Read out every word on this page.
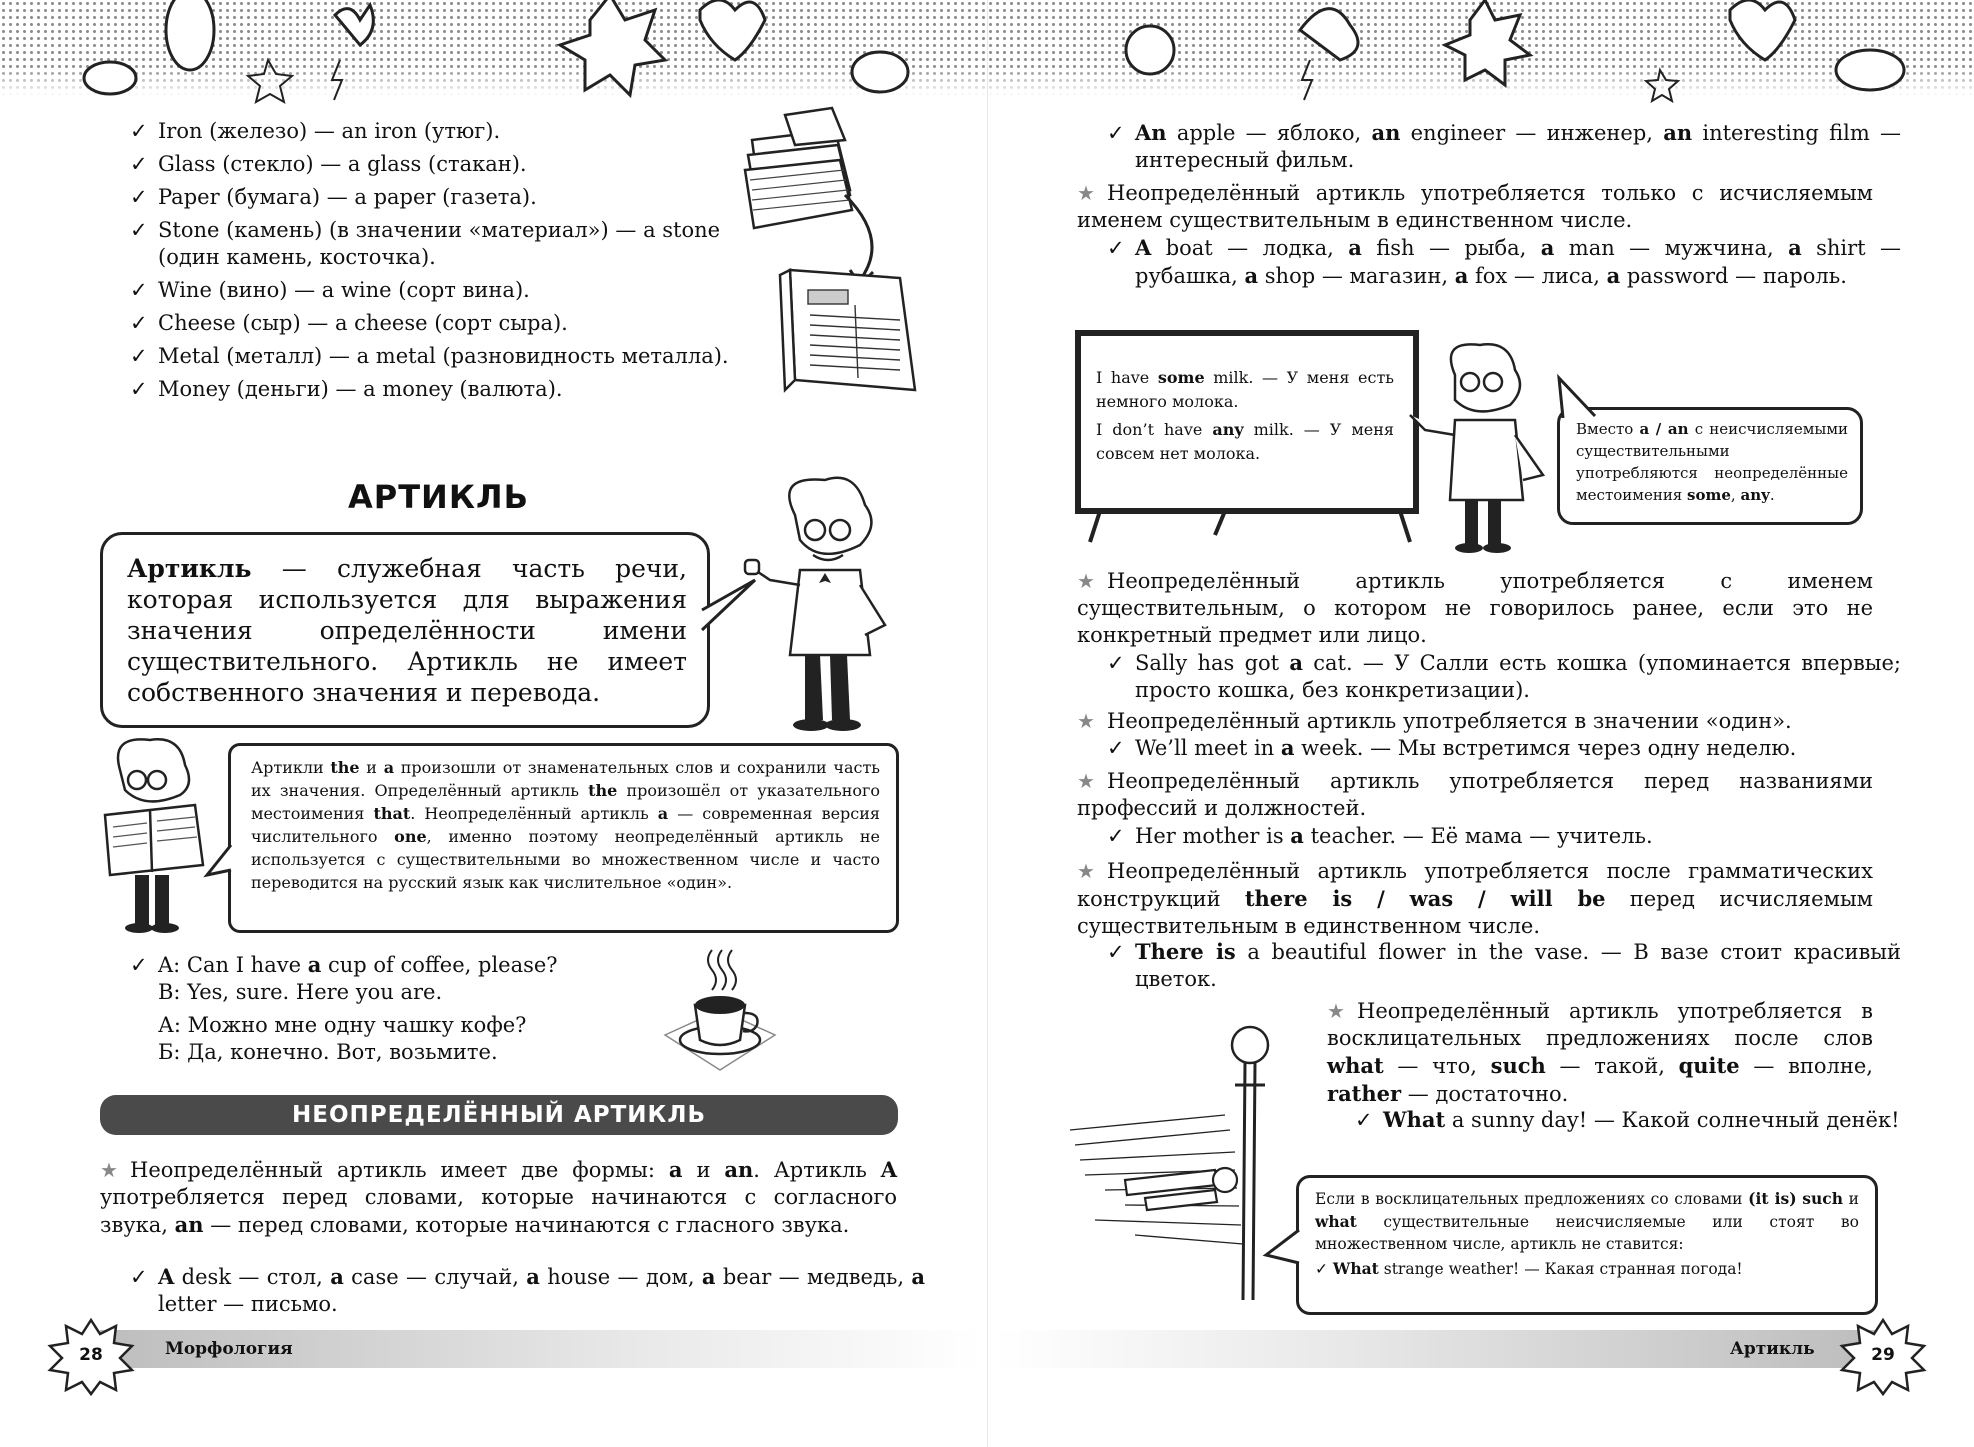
✓ Iron (железо) — an iron (утюг).
✓ Glass (стекло) — a glass (стакан).
✓ Paper (бумага) — a paper (газета).
✓ Stone (камень) (в значении «материал») — a stone
(один камень, косточка).
✓ Wine (вино) — a wine (сорт вина).
✓ Cheese (сыр) — a cheese (сорт сыра).
✓ Metal (металл) — a metal (разновидность металла).
✓ Money (деньги) — a money (валюта).
АРТИКЛЬ
Артикль — служебная часть речи, которая используется для выражения значения определённости имени существительного. Артикль не имеет собственного значения и перевода.
Артикли the и a произошли от знаменательных слов и сохранили часть их значения. Определённый артикль the произошёл от указательного местоимения that. Неопределённый артикль a — современная версия числительного one, именно поэтому неопределённый артикль не используется с существительными во множественном числе и часто переводится на русский язык как числительное «один».
✓ A: Can I have a cup of coffee, please?
B: Yes, sure. Here you are.
А: Можно мне одну чашку кофе?
Б: Да, конечно. Вот, возьмите.
НЕОПРЕДЕЛЁННЫЙ АРТИКЛЬ
★ Неопределённый артикль имеет две формы: a и an. Артикль A употребляется перед словами, которые начинаются с согласного звука, an — перед словами, которые начинаются с гласного звука.
✓ A desk — стол, a case — случай, a house — дом, a bear — медведь, a letter — письмо.
Морфология
28
✓ An apple — яблоко, an engineer — инженер, an interesting film — интересный фильм.
★ Неопределённый артикль употребляется только с исчисляемым именем существительным в единственном числе.
✓ A boat — лодка, a fish — рыба, a man — мужчина, a shirt — рубашка, a shop — магазин, a fox — лиса, a password — пароль.
I have some milk. — У меня есть немного молока.
I don’t have any milk. — У меня совсем нет молока.
Вместо a / an с неисчисляемыми существительными употребляются неопределённые местоимения some, any.
★ Неопределённый артикль употребляется с именем существительным, о котором не говорилось ранее, если это не конкретный предмет или лицо.
✓ Sally has got a cat. — У Салли есть кошка (упоминается впервые; просто кошка, без конкретизации).
★ Неопределённый артикль употребляется в значении «один».
✓ We’ll meet in a week. — Мы встретимся через одну неделю.
★ Неопределённый артикль употребляется перед названиями профессий и должностей.
✓ Her mother is a teacher. — Её мама — учитель.
★ Неопределённый артикль употребляется после грамматических конструкций there is / was / will be перед исчисляемым существительным в единственном числе.
✓ There is a beautiful flower in the vase. — В вазе стоит красивый цветок.
★ Неопределённый артикль употребляется в восклицательных предложениях после слов what — что, such — такой, quite — вполне, rather — достаточно.
✓ What a sunny day! — Какой солнечный денёк!
Если в восклицательных предложениях со словами (it is) such и what существительные неисчисляемые или стоят во множественном числе, артикль не ставится:
✓ What strange weather! — Какая странная погода!
Артикль	29
